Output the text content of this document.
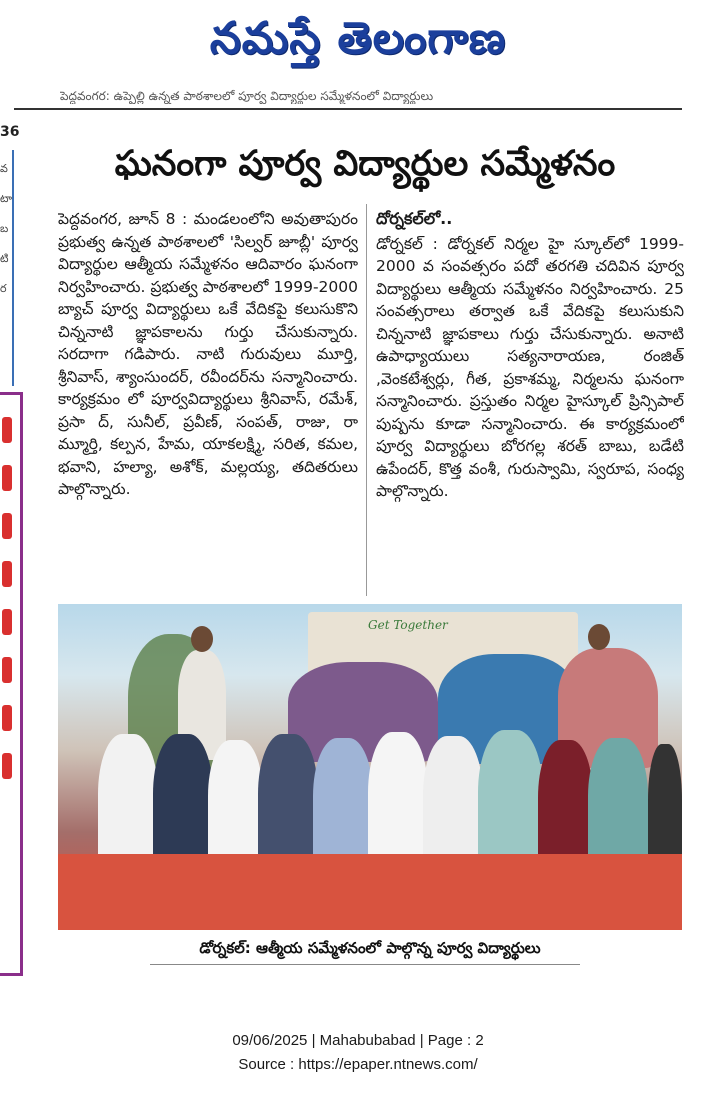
నమస్తే తెలంగాణ
పెద్దవంగర: ఉప్పెల్లి ఉన్నత పాఠశాలలో పూర్వ విద్యార్థుల సమ్మేళనంలో విద్యార్థులు
36
వ
టా
బ
టి
ర
ఘనంగా పూర్వ విద్యార్థుల సమ్మేళనం

పెద్దవంగర, జూన్ 8 : మండలంలోని అవుతాపురం ప్రభుత్వ ఉన్నత పాఠశాలలో 'సిల్వర్ జూబ్లీ' పూర్వ విద్యార్థుల ఆత్మీయ సమ్మేళనం ఆదివారం ఘనంగా నిర్వహించారు. ప్రభుత్వ పాఠశాలలో 1999-2000 బ్యాచ్ పూర్వ విద్యార్థులు ఒకే వేదికపై కలుసుకొని చిన్ననాటి జ్ఞాపకాలను గుర్తు చేసుకున్నారు. సరదాగా గడిపారు. నాటి గురువులు మూర్తి, శ్రీనివాస్, శ్యాంసుందర్, రవీందర్‌ను సన్మానించారు. కార్యక్రమం లో పూర్వవిద్యార్థులు శ్రీనివాస్, రమేశ్, ప్రసా ద్, సునీల్, ప్రవీణ్, సంపత్, రాజు, రా మ్మూర్తి, కల్పన, హేమ, యాకలక్ష్మి, సరిత, కమల, భవాని, హల్యా, అశోక్, మల్లయ్య, తదితరులు పాల్గొన్నారు.

దోర్నకల్‌లో..

డోర్నకల్ : డోర్నకల్ నిర్మల హై స్కూల్‌లో 1999-2000 వ సంవత్సరం పదో తరగతి చదివిన పూర్వ విద్యార్థులు ఆత్మీయ సమ్మేళనం నిర్వహించారు. 25 సంవత్సరాలు తర్వాత ఒకే వేదికపై కలుసుకుని చిన్ననాటి జ్ఞాపకాలు గుర్తు చేసుకున్నారు. అనాటి ఉపాధ్యాయులు సత్యనారాయణ, రంజిత్ ,వెంకటేశ్వర్లు, గీత, ప్రకాశమ్మ, నిర్మలను ఘనంగా సన్మానించారు. ప్రస్తుతం నిర్మల హైస్కూల్ ప్రిన్సిపాల్ పుష్పను కూడా సన్మానించారు. ఈ కార్యక్రమంలో పూర్వ విద్యార్థులు బోరగల్ల శరత్ బాబు, బడేటి ఉపేందర్, కొత్త వంశీ, గురుస్వామి, స్వరూప, సంధ్య పాల్గొన్నారు.

Get Together
డోర్నకల్: ఆత్మీయ సమ్మేళనంలో పాల్గొన్న పూర్వ విద్యార్థులు
09/06/2025 | Mahabubabad | Page : 2
Source : https://epaper.ntnews.com/
